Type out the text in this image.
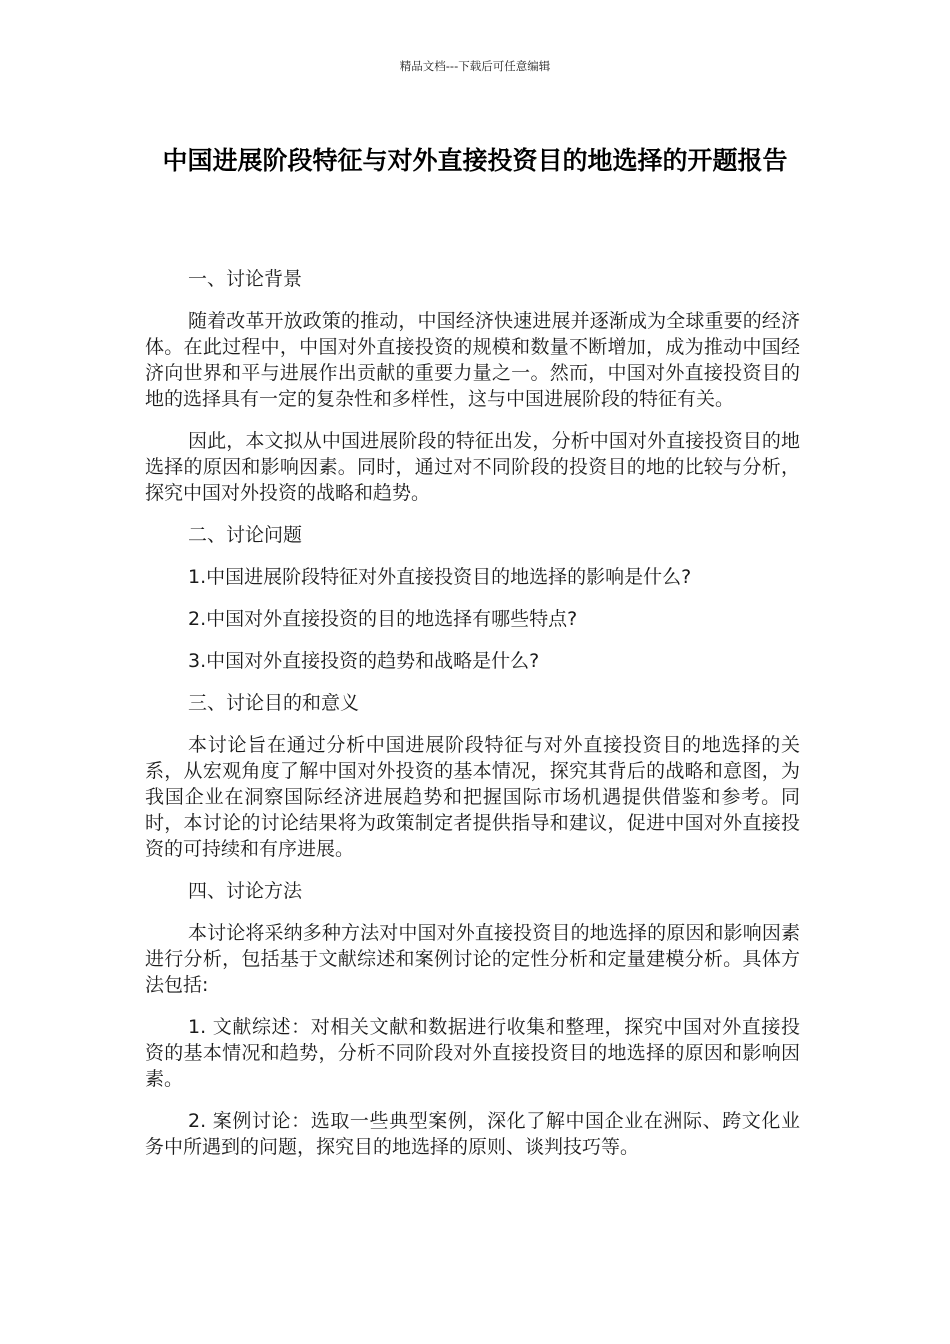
精品文档---下载后可任意编辑
中国进展阶段特征与对外直接投资目的地选择的开题报告

一、讨论背景

随着改革开放政策的推动，中国经济快速进展并逐渐成为全球重要的经济体。在此过程中，中国对外直接投资的规模和数量不断增加，成为推动中国经济向世界和平与进展作出贡献的重要力量之一。然而，中国对外直接投资目的地的选择具有一定的复杂性和多样性，这与中国进展阶段的特征有关。

因此，本文拟从中国进展阶段的特征出发，分析中国对外直接投资目的地选择的原因和影响因素。同时，通过对不同阶段的投资目的地的比较与分析，探究中国对外投资的战略和趋势。

二、讨论问题

1.中国进展阶段特征对外直接投资目的地选择的影响是什么?

2.中国对外直接投资的目的地选择有哪些特点?

3.中国对外直接投资的趋势和战略是什么?

三、讨论目的和意义

本讨论旨在通过分析中国进展阶段特征与对外直接投资目的地选择的关系，从宏观角度了解中国对外投资的基本情况，探究其背后的战略和意图，为我国企业在洞察国际经济进展趋势和把握国际市场机遇提供借鉴和参考。同时，本讨论的讨论结果将为政策制定者提供指导和建议，促进中国对外直接投资的可持续和有序进展。

四、讨论方法

本讨论将采纳多种方法对中国对外直接投资目的地选择的原因和影响因素进行分析，包括基于文献综述和案例讨论的定性分析和定量建模分析。具体方法包括:

1. 文献综述：对相关文献和数据进行收集和整理，探究中国对外直接投资的基本情况和趋势，分析不同阶段对外直接投资目的地选择的原因和影响因素。

2. 案例讨论：选取一些典型案例，深化了解中国企业在洲际、跨文化业务中所遇到的问题，探究目的地选择的原则、谈判技巧等。
